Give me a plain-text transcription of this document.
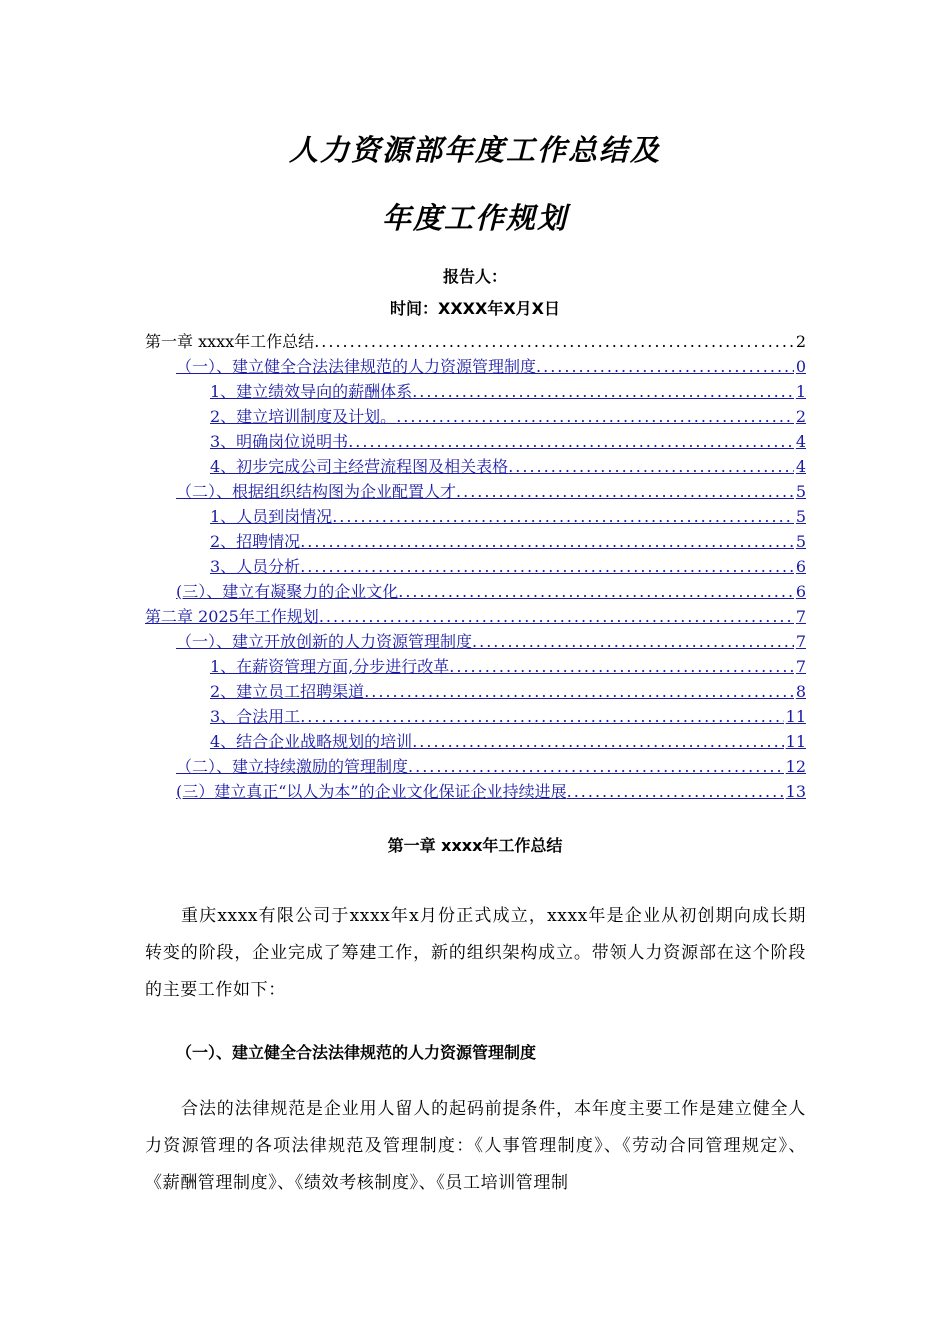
人力资源部年度工作总结及
年度工作规划
报告人：
时间：XXXX年X月X日
第一章 xxxx年工作总结 .....	2
（一）、建立健全合法法律规范的人力资源管理制度 .....	0
1、建立绩效导向的薪酬体系 .....	1
2、建立培训制度及计划。 .....	2
3、明确岗位说明书 .....	4
4、初步完成公司主经营流程图及相关表格 .....	4
（二）、根据组织结构图为企业配置人才 .....	5
1、人员到岗情况 .....	5
2、招聘情况 .....	5
3、人员分析 .....	6
(三）、建立有凝聚力的企业文化 .....	6
第二章 2025年工作规划 .....	7
（一）、建立开放创新的人力资源管理制度 .....	7
1、在薪资管理方面,分步进行改革 .....	7
2、建立员工招聘渠道 .....	8
3、合法用工 .....	11
4、结合企业战略规划的培训 .....	11
（二）、建立持续激励的管理制度 .....	12
(三）建立真正“以人为本”的企业文化保证企业持续进展 .....	13
第一章 xxxx年工作总结
重庆xxxx有限公司于xxxx年x月份正式成立，xxxx年是企业从初创期向成长期转变的阶段，企业完成了筹建工作，新的组织架构成立。带领人力资源部在这个阶段的主要工作如下：
（一）、建立健全合法法律规范的人力资源管理制度
合法的法律规范是企业用人留人的起码前提条件，本年度主要工作是建立健全人力资源管理的各项法律规范及管理制度：《人事管理制度》、《劳动合同管理规定》、《薪酬管理制度》、《绩效考核制度》、《员工培训管理制
